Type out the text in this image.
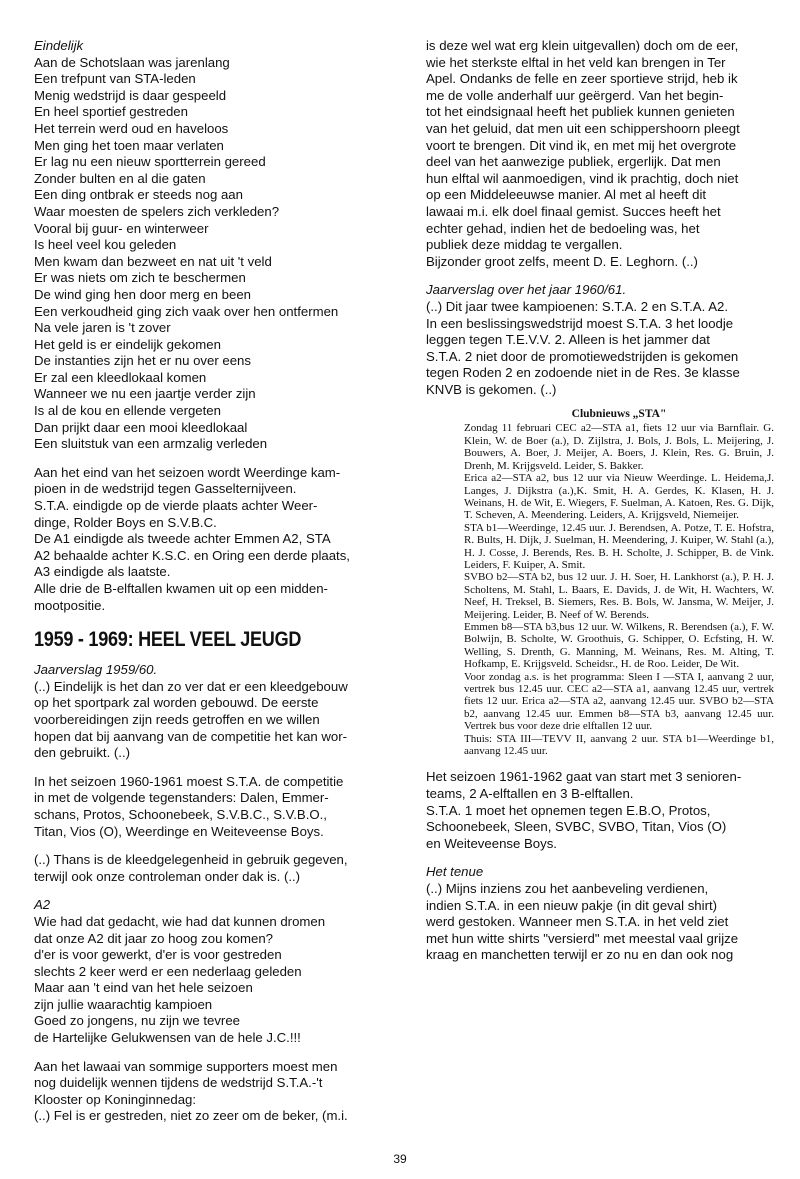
Eindelijk
Aan de Schotslaan was jarenlang
Een trefpunt van STA-leden
Menig wedstrijd is daar gespeeld
En heel sportief gestreden
Het terrein werd oud en haveloos
Men ging het toen maar verlaten
Er lag nu een nieuw sportterrein gereed
Zonder bulten en al die gaten
Een ding ontbrak er steeds nog aan
Waar moesten de spelers zich verkleden?
Vooral bij guur- en winterweer
Is heel veel kou geleden
Men kwam dan bezweet en nat uit 't veld
Er was niets om zich te beschermen
De wind ging hen door merg en been
Een verkoudheid ging zich vaak over hen ontfermen
Na vele jaren is 't zover
Het geld is er eindelijk gekomen
De instanties zijn het er nu over eens
Er zal een kleedlokaal komen
Wanneer we nu een jaartje verder zijn
Is al de kou en ellende vergeten
Dan prijkt daar een mooi kleedlokaal
Een sluitstuk van een armzalig verleden
Aan het eind van het seizoen wordt Weerdinge kam-
pioen in de wedstrijd tegen Gasselternijveen.
S.T.A. eindigde op de vierde plaats achter Weer-
dinge, Rolder Boys en S.V.B.C.
De A1 eindigde als tweede achter Emmen A2, STA
A2 behaalde achter K.S.C. en Oring een derde plaats,
A3 eindigde als laatste.
Alle drie de B-elftallen kwamen uit op een midden-
mootpositie.
1959 - 1969: HEEL VEEL JEUGD
Jaarverslag 1959/60.
(..) Eindelijk is het dan zo ver dat er een kleedgebouw
op het sportpark zal worden gebouwd. De eerste
voorbereidingen zijn reeds getroffen en we willen
hopen dat bij aanvang van de competitie het kan wor-
den gebruikt. (..)
In het seizoen 1960-1961 moest S.T.A. de competitie
in met de volgende tegenstanders: Dalen, Emmer-
schans, Protos, Schoonebeek, S.V.B.C., S.V.B.O.,
Titan, Vios (O), Weerdinge en Weiteveense Boys.
(..) Thans is de kleedgelegenheid in gebruik gegeven,
terwijl ook onze controleman onder dak is. (..)
A2
Wie had dat gedacht, wie had dat kunnen dromen
dat onze A2 dit jaar zo hoog zou komen?
d'er is voor gewerkt, d'er is voor gestreden
slechts 2 keer werd er een nederlaag geleden
Maar aan 't eind van het hele seizoen
zijn jullie waarachtig kampioen
Goed zo jongens, nu zijn we tevree
de Hartelijke Gelukwensen van de hele J.C.!!!
Aan het lawaai van sommige supporters moest men
nog duidelijk wennen tijdens de wedstrijd S.T.A.-'t
Klooster op Koninginnedag:
(..) Fel is er gestreden, niet zo zeer om de beker, (m.i.
is deze wel wat erg klein uitgevallen) doch om de eer,
wie het sterkste elftal in het veld kan brengen in Ter
Apel. Ondanks de felle en zeer sportieve strijd, heb ik
me de volle anderhalf uur geërgerd. Van het begin-
tot het eindsignaal heeft het publiek kunnen genieten
van het geluid, dat men uit een schippershoorn pleegt
voort te brengen. Dit vind ik, en met mij het overgrote
deel van het aanwezige publiek, ergerlijk. Dat men
hun elftal wil aanmoedigen, vind ik prachtig, doch niet
op een Middeleeuwse manier. Al met al heeft dit
lawaai m.i. elk doel finaal gemist. Succes heeft het
echter gehad, indien het de bedoeling was, het
publiek deze middag te vergallen.
Bijzonder groot zelfs, meent D. E. Leghorn. (..)
Jaarverslag over het jaar 1960/61.
(..) Dit jaar twee kampioenen: S.T.A. 2 en S.T.A. A2.
In een beslissingswedstrijd moest S.T.A. 3 het loodje
leggen tegen T.E.V.V. 2. Alleen is het jammer dat
S.T.A. 2 niet door de promotiewedstrijden is gekomen
tegen Roden 2 en zodoende niet in de Res. 3e klasse
KNVB is gekomen. (..)
Clubnieuws „STA"

Zondag 11 februari CEC a2—STA a1, fiets 12 uur via Barnflair. G. Klein, W. de Boer (a.), D. Zijlstra, J. Bols, J. Bols, L. Meijering, J. Bouwers, A. Boer, J. Meijer, A. Boers, J. Klein, Res. G. Bruin, J. Drenh, M. Krijgsveld. Leider, S. Bakker.

Erica a2—STA a2, bus 12 uur via Nieuw Weerdinge. L. Heidema,J. Langes, J. Dijkstra (a.),K. Smit, H. A. Gerdes, K. Klasen, H. J. Weinans, H. de Wit, E. Wiegers, F. Suelman, A. Katoen, Res. G. Dijk, T. Scheven, A. Meendering. Leiders, A. Krijgsveld, Niemeijer.

STA b1—Weerdinge, 12.45 uur. J. Berendsen, A. Potze, T. E. Hofstra, R. Bults, H. Dijk, J. Suelman, H. Meendering, J. Kuiper, W. Stahl (a.), H. J. Cosse, J. Berends, Res. B. H. Scholte, J. Schipper, B. de Vink. Leiders, F. Kuiper, A. Smit.

SVBO b2—STA b2, bus 12 uur. J. H. Soer, H. Lankhorst (a.), P. H. J. Scholtens, M. Stahl, L. Baars, E. Davids, J. de Wit, H. Wachters, W. Neef, H. Treksel, B. Siemers, Res. B. Bols, W. Jansma, W. Meijer, J. Meijering. Leider, B. Neef of W. Berends.

Emmen b8—STA b3,bus 12 uur. W. Wilkens, R. Berendsen (a.), F. W. Bolwijn, B. Scholte, W. Groothuis, G. Schipper, O. Ecfsting, H. W. Welling, S. Drenth, G. Manning, M. Weinans, Res. M. Alting, T. Hofkamp, E. Krijgsveld. Scheidsr., H. de Roo. Leider, De Wit.

Voor zondag a.s. is het programma: Sleen I —STA I, aanvang 2 uur, vertrek bus 12.45 uur. CEC a2—STA a1, aanvang 12.45 uur, vertrek fiets 12 uur. Erica a2—STA a2, aanvang 12.45 uur. SVBO b2—STA b2, aanvang 12.45 uur. Emmen b8—STA b3, aanvang 12.45 uur. Vertrek bus voor deze drie elftallen 12 uur.

Thuis: STA III—TEVV II, aanvang 2 uur. STA b1—Weerdinge b1, aanvang 12.45 uur.

Het seizoen 1961-1962 gaat van start met 3 senioren-
teams, 2 A-elftallen en 3 B-elftallen.
S.T.A. 1 moet het opnemen tegen E.B.O, Protos,
Schoonebeek, Sleen, SVBC, SVBO, Titan, Vios (O)
en Weiteveense Boys.
Het tenue
(..) Mijns inziens zou het aanbeveling verdienen,
indien S.T.A. in een nieuw pakje (in dit geval shirt)
werd gestoken. Wanneer men S.T.A. in het veld ziet
met hun witte shirts "versierd" met meestal vaal grijze
kraag en manchetten terwijl er zo nu en dan ook nog
39
